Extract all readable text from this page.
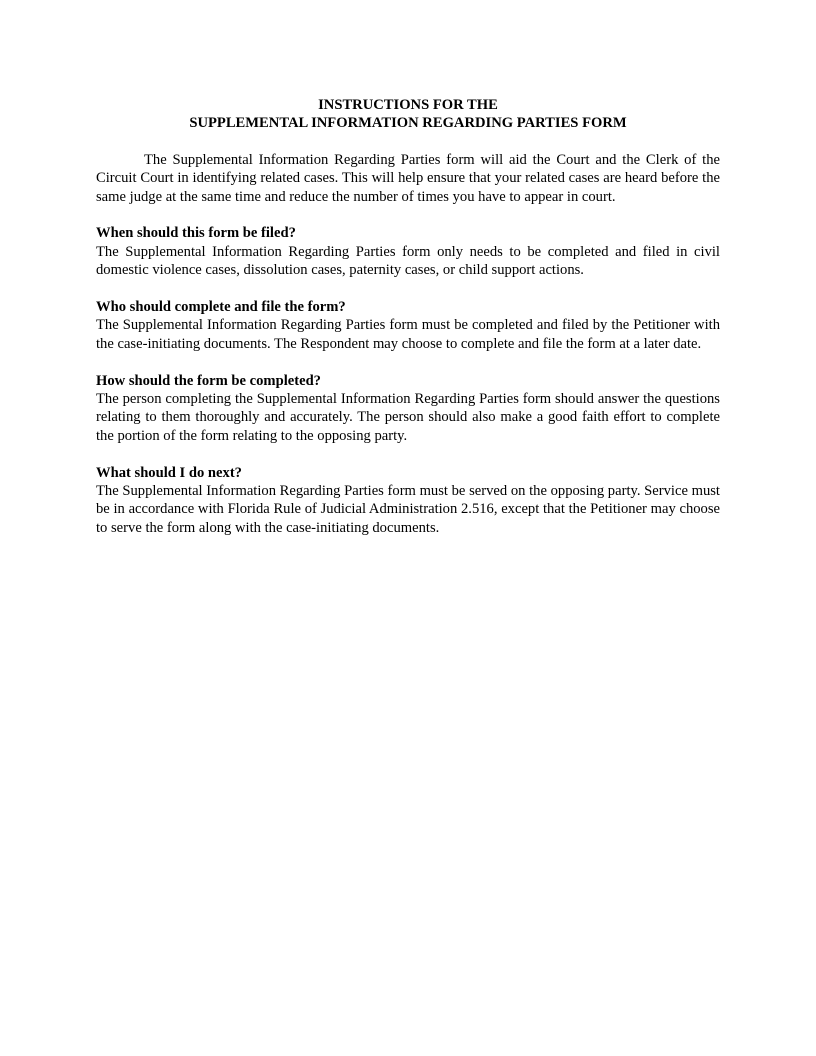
INSTRUCTIONS FOR THE
SUPPLEMENTAL INFORMATION REGARDING PARTIES FORM

The Supplemental Information Regarding Parties form will aid the Court and the Clerk of the Circuit Court in identifying related cases. This will help ensure that your related cases are heard before the same judge at the same time and reduce the number of times you have to appear in court.

When should this form be filed?

The Supplemental Information Regarding Parties form only needs to be completed and filed in civil domestic violence cases, dissolution cases, paternity cases, or child support actions.

Who should complete and file the form?

The Supplemental Information Regarding Parties form must be completed and filed by the Petitioner with the case-initiating documents. The Respondent may choose to complete and file the form at a later date.

How should the form be completed?

The person completing the Supplemental Information Regarding Parties form should answer the questions relating to them thoroughly and accurately. The person should also make a good faith effort to complete the portion of the form relating to the opposing party.

What should I do next?

The Supplemental Information Regarding Parties form must be served on the opposing party. Service must be in accordance with Florida Rule of Judicial Administration 2.516, except that the Petitioner may choose to serve the form along with the case-initiating documents.
